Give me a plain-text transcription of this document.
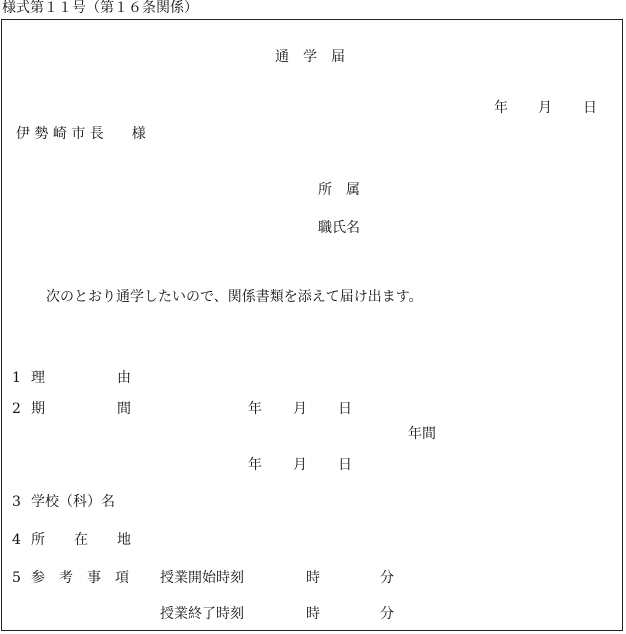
様式第１１号（第１６条関係）
通　学　届
年 月 日
伊 勢 崎 市 長　　様
所　属
職氏名
次のとおり通学したいので、関係書類を添えて届け出ます。
1 理	由
2 期	間	年 月 日
年間
年 月 日
3 学校（科）名
4 所 在 地
5 参　考　事　項 授業開始時刻	時	分
授業終了時刻	時	分
